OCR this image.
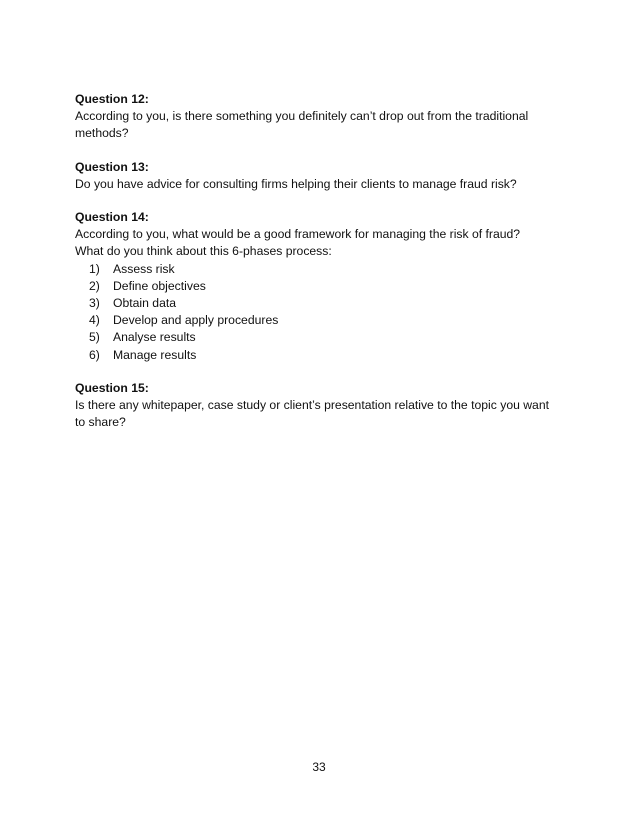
Question 12:

According to you, is there something you definitely can’t drop out from the traditional

methods?

Question 13:

Do you have advice for consulting firms helping their clients to manage fraud risk?

Question 14:

According to you, what would be a good framework for managing the risk of fraud?

What do you think about this 6-phases process:

1) Assess risk
2) Define objectives
3) Obtain data
4) Develop and apply procedures
5) Analyse results
6) Manage results

Question 15:

Is there any whitepaper, case study or client’s presentation relative to the topic you want

to share?

33
